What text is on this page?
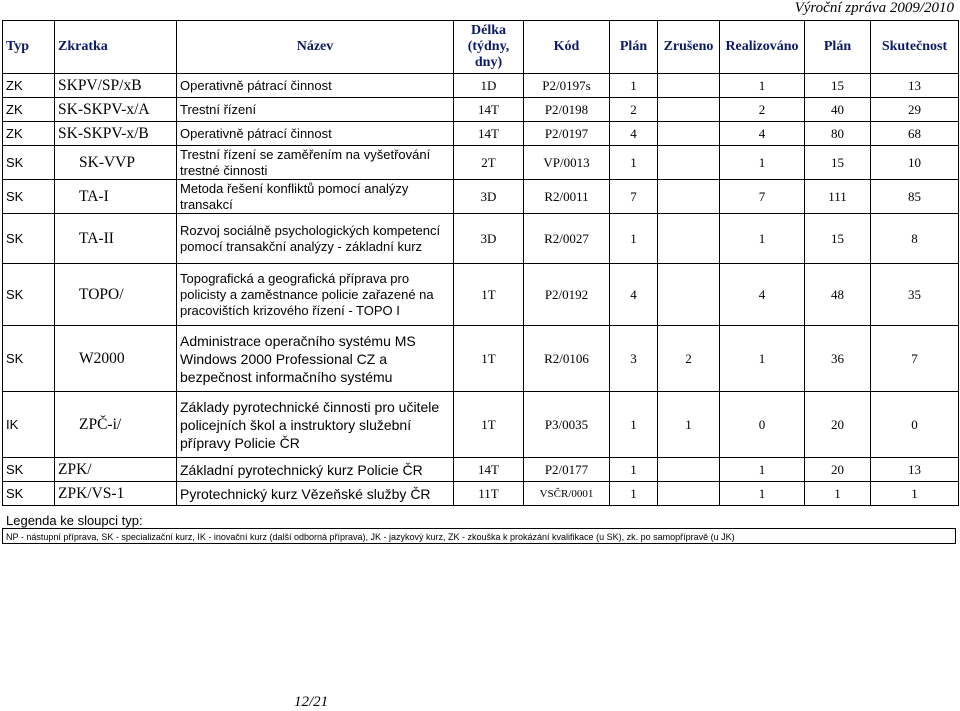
Výroční zpráva 2009/2010
Typ	Zkratka	Název	Délka (týdny, dny)	Kód	Plán	Zrušeno	Realizováno	Plán	Skutečnost
ZK	SKPV/SP/xB	Operativně pátrací činnost	1D	P2/0197s	1		1	15	13
ZK	SK-SKPV-x/A	Trestní řízení	14T	P2/0198	2		2	40	29
ZK	SK-SKPV-x/B	Operativně pátrací činnost	14T	P2/0197	4		4	80	68
SK	SK-VVP	Trestní řízení se zaměřením na vyšetřování trestné činnosti	2T	VP/0013	1		1	15	10
SK	TA-I	Metoda řešení konfliktů pomocí analýzy transakcí	3D	R2/0011	7		7	111	85
SK	TA-II	Rozvoj sociálně psychologických kompetencí pomocí transakční analýzy - základní kurz	3D	R2/0027	1		1	15	8
SK	TOPO/	Topografická a geografická příprava pro policisty a zaměstnance policie zařazené na pracovištích krizového řízení - TOPO I	1T	P2/0192	4		4	48	35
SK	W2000	Administrace operačního systému MS Windows 2000 Professional CZ a bezpečnost informačního systému	1T	R2/0106	3	2	1	36	7
IK	ZPČ-i/	Základy pyrotechnické činnosti pro učitele policejních škol a instruktory služební přípravy Policie ČR	1T	P3/0035	1	1	0	20	0
SK	ZPK/	Základní pyrotechnický kurz Policie ČR	14T	P2/0177	1		1	20	13
SK	ZPK/VS-1	Pyrotechnický kurz Vězeňské služby ČR	11T	VSČR/0001	1		1	1	1
Legenda ke sloupci typ:
NP - nástupní příprava, SK - specializační kurz, IK - inovační kurz (další odborná příprava), JK - jazykový kurz, ZK - zkouška k prokázání kvalifikace (u SK), zk. po samopřípravě (u JK)
12/21
